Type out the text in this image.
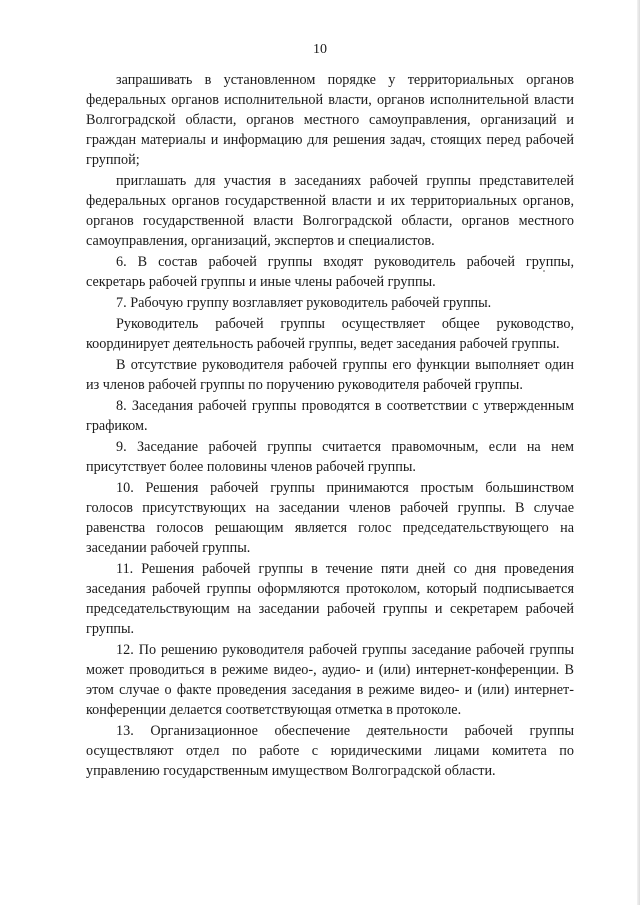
10

запрашивать в установленном порядке у территориальных органов федеральных органов исполнительной власти, органов исполнительной власти Волгоградской области, органов местного самоуправления, организаций и граждан материалы и информацию для решения задач, стоящих перед рабочей группой;

приглашать для участия в заседаниях рабочей группы представителей федеральных органов государственной власти и их территориальных органов, органов государственной власти Волгоградской области, органов местного самоуправления, организаций, экспертов и специалистов.

6. В состав рабочей группы входят руководитель рабочей группы, секретарь рабочей группы и иные члены рабочей группы.

7. Рабочую группу возглавляет руководитель рабочей группы.

Руководитель рабочей группы осуществляет общее руководство, координирует деятельность рабочей группы, ведет заседания рабочей группы.

В отсутствие руководителя рабочей группы его функции выполняет один из членов рабочей группы по поручению руководителя рабочей группы.

8. Заседания рабочей группы проводятся в соответствии с утвержденным графиком.

9. Заседание рабочей группы считается правомочным, если на нем присутствует более половины членов рабочей группы.

10. Решения рабочей группы принимаются простым большинством голосов присутствующих на заседании членов рабочей группы. В случае равенства голосов решающим является голос председательствующего на заседании рабочей группы.

11. Решения рабочей группы в течение пяти дней со дня проведения заседания рабочей группы оформляются протоколом, который подписывается председательствующим на заседании рабочей группы и секретарем рабочей группы.

12. По решению руководителя рабочей группы заседание рабочей группы может проводиться в режиме видео-, аудио- и (или) интернет-конференции. В этом случае о факте проведения заседания в режиме видео- и (или) интернет-конференции делается соответствующая отметка в протоколе.

13. Организационное обеспечение деятельности рабочей группы осуществляют отдел по работе с юридическими лицами комитета по управлению государственным имуществом Волгоградской области.
